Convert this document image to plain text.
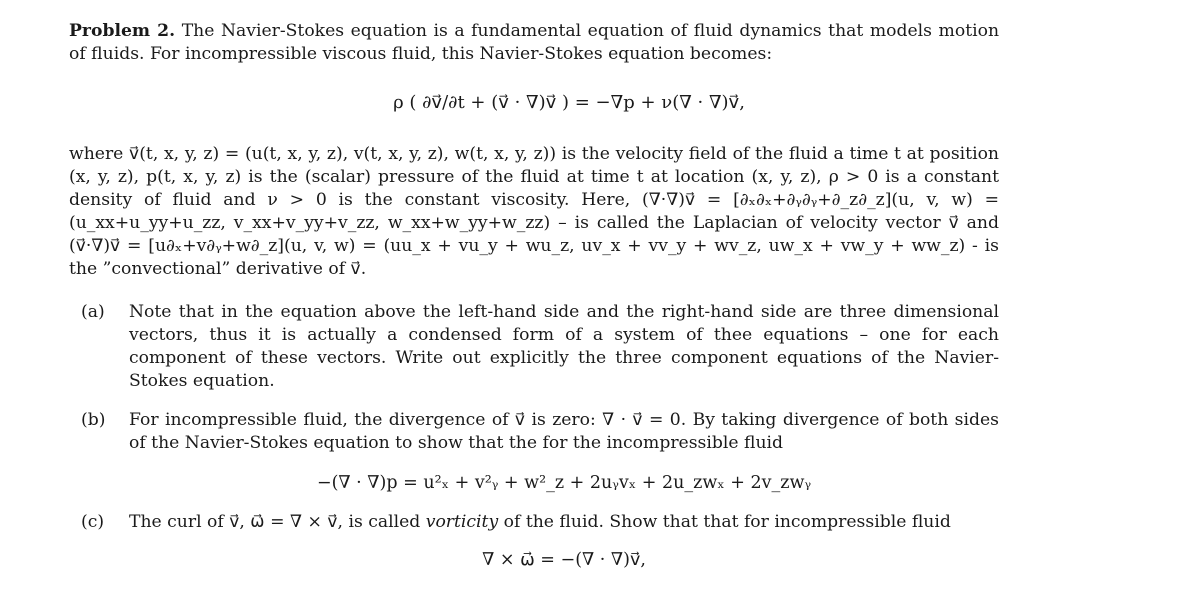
Problem 2. The Navier-Stokes equation is a fundamental equation of fluid dynamics that models motion of fluids. For incompressible viscous fluid, this Navier-Stokes equation becomes:

ρ ( ∂v⃗/∂t + (v⃗ · ∇)v⃗ ) = −∇p + ν(∇ · ∇)v⃗,

where v⃗(t, x, y, z) = (u(t, x, y, z), v(t, x, y, z), w(t, x, y, z)) is the velocity field of the fluid a time t at position (x, y, z), p(t, x, y, z) is the (scalar) pressure of the fluid at time t at location (x, y, z), ρ > 0 is a constant density of fluid and ν > 0 is the constant viscosity. Here, (∇·∇)v⃗ = [∂ₓ∂ₓ+∂ᵧ∂ᵧ+∂_z∂_z](u, v, w) = (u_xx+u_yy+u_zz, v_xx+v_yy+v_zz, w_xx+w_yy+w_zz) – is called the Laplacian of velocity vector v⃗ and (v⃗·∇)v⃗ = [u∂ₓ+v∂ᵧ+w∂_z](u, v, w) = (uu_x + vu_y + wu_z, uv_x + vv_y + wv_z, uw_x + vw_y + ww_z) - is the ”convectional” derivative of v⃗.

(a)	Note that in the equation above the left-hand side and the right-hand side are three dimensional vectors, thus it is actually a condensed form of a system of thee equations – one for each component of these vectors. Write out explicitly the three component equations of the Navier-Stokes equation.
(b)	For incompressible fluid, the divergence of v⃗ is zero: ∇ · v⃗ = 0. By taking divergence of both sides of the Navier-Stokes equation to show that the for the incompressible fluid

−(∇ · ∇)p = u²ₓ + v²ᵧ + w²_z + 2uᵧvₓ + 2u_zwₓ + 2v_zwᵧ

(c)	The curl of v⃗, ω⃗ = ∇ × v⃗, is called vorticity of the fluid. Show that that for incompressible fluid

∇ × ω⃗ = −(∇ · ∇)v⃗,
